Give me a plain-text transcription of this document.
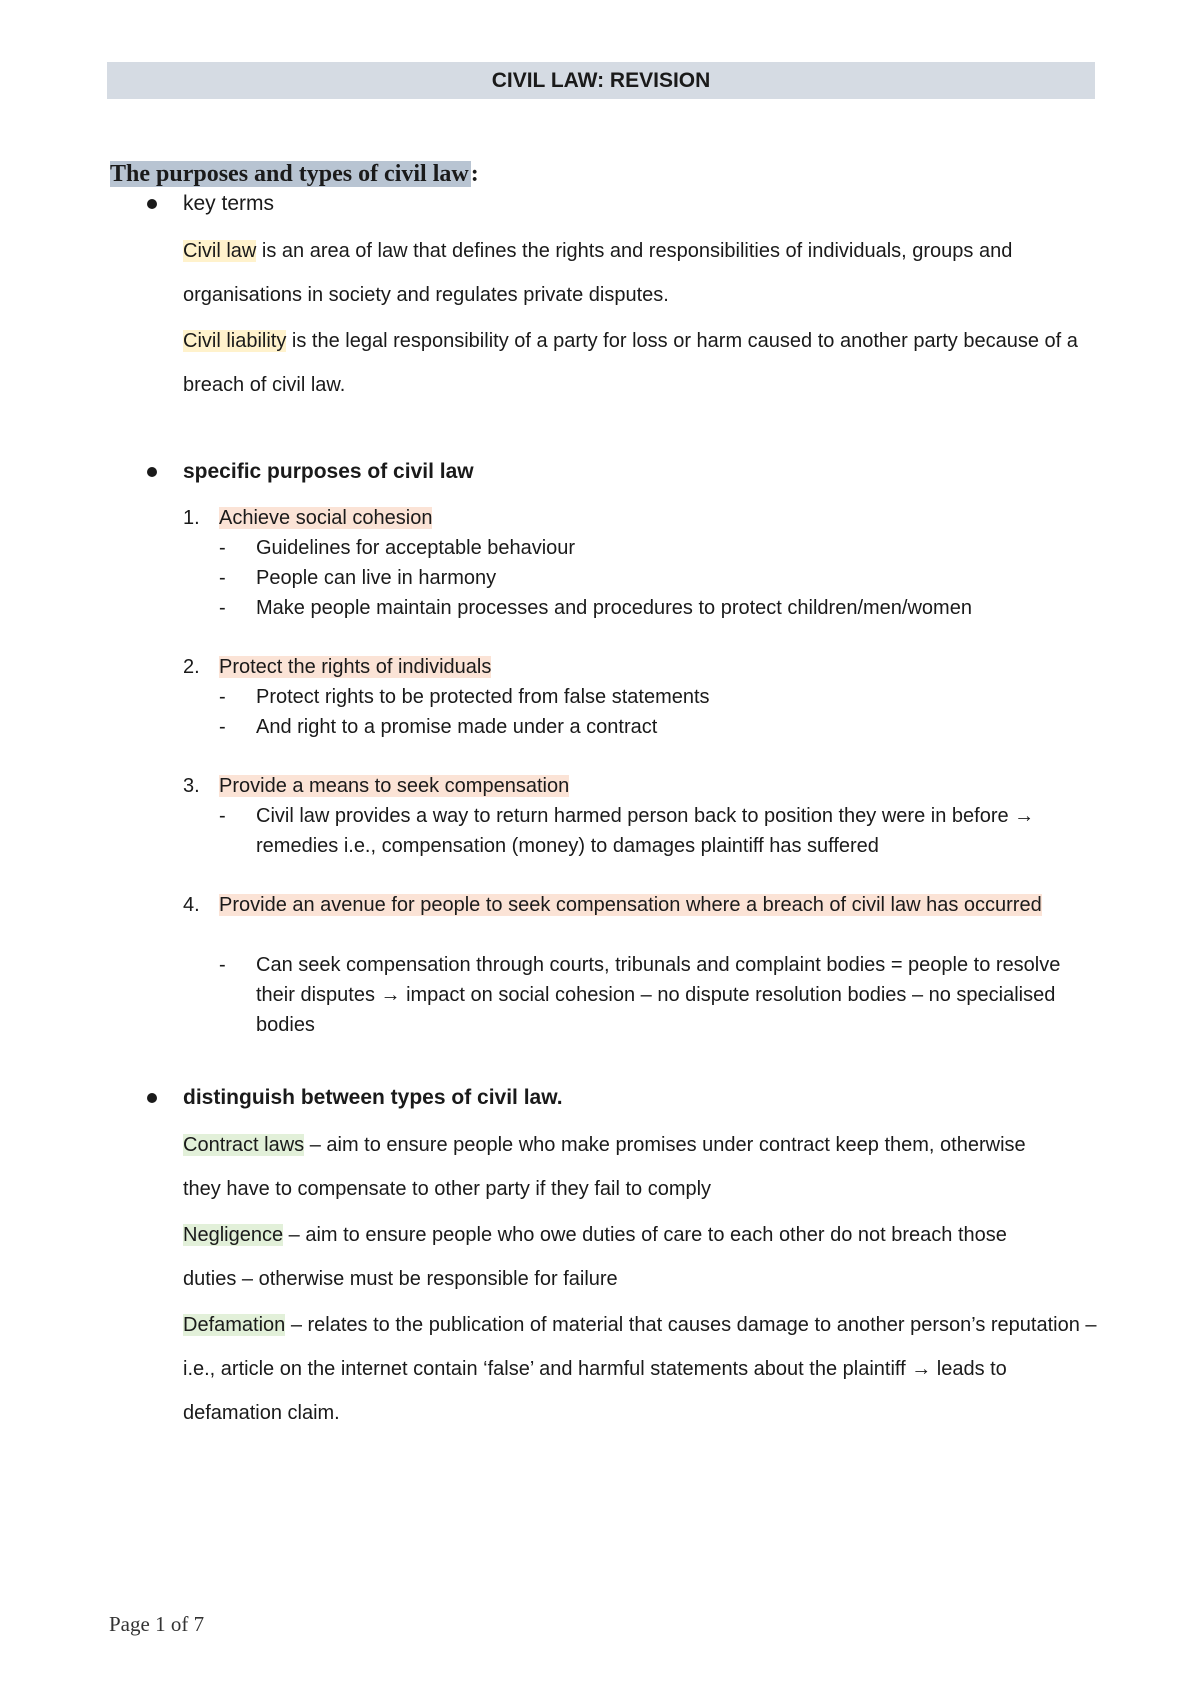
CIVIL LAW: REVISION
The purposes and types of civil law:
key terms
Civil law is an area of law that defines the rights and responsibilities of individuals, groups and organisations in society and regulates private disputes.
Civil liability is the legal responsibility of a party for loss or harm caused to another party because of a breach of civil law.
specific purposes of civil law
1. Achieve social cohesion
- Guidelines for acceptable behaviour
- People can live in harmony
- Make people maintain processes and procedures to protect children/men/women
2. Protect the rights of individuals
- Protect rights to be protected from false statements
- And right to a promise made under a contract
3. Provide a means to seek compensation
- Civil law provides a way to return harmed person back to position they were in before → remedies i.e., compensation (money) to damages plaintiff has suffered
4. Provide an avenue for people to seek compensation where a breach of civil law has occurred
- Can seek compensation through courts, tribunals and complaint bodies = people to resolve their disputes → impact on social cohesion – no dispute resolution bodies – no specialised bodies
distinguish between types of civil law.
Contract laws – aim to ensure people who make promises under contract keep them, otherwise they have to compensate to other party if they fail to comply
Negligence – aim to ensure people who owe duties of care to each other do not breach those duties – otherwise must be responsible for failure
Defamation – relates to the publication of material that causes damage to another person’s reputation – i.e., article on the internet contain ‘false’ and harmful statements about the plaintiff → leads to defamation claim.
Page 1 of 7
